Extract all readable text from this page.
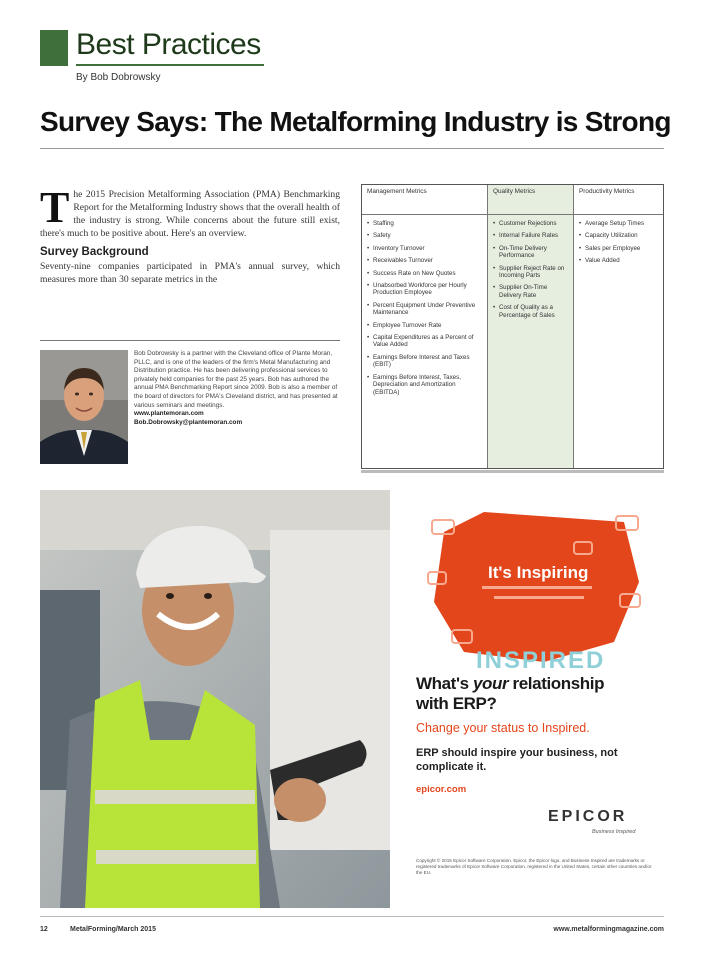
Best Practices
By Bob Dobrowsky
Survey Says: The Metalforming Industry is Strong

The 2015 Precision Metalforming Association (PMA) Benchmarking Report for the Metalforming Industry shows that the overall health of the industry is strong. While concerns about the future still exist, there's much to be positive about. Here's an overview.

Survey Background

Seventy-nine companies participated in PMA's annual survey, which measures more than 30 separate metrics in the

Bob Dobrowsky is a partner with the Cleveland office of Plante Moran, PLLC, and is one of the leaders of the firm's Metal Manufacturing and Distribution practice. He has been delivering professional services to privately held companies for the past 25 years. Bob has authored the annual PMA Benchmarking Report since 2009. Bob is also a member of the board of directors for PMA's Cleveland district, and has presented at various seminars and meetings.
www.plantemoran.com
Bob.Dobrowsky@plantemoran.com
Management Metrics
• Staffing
• Safety
• Inventory Turnover
• Receivables Turnover
• Success Rate on New Quotes
• Unabsorbed Workforce per Hourly Production Employee
• Percent Equipment Under Preventive Maintenance
• Employee Turnover Rate
• Capital Expenditures as a Percent of Value Added
• Earnings Before Interest and Taxes (EBIT)
• Earnings Before Interest, Taxes, Depreciation and Amortization (EBITDA)
Quality Metrics
• Customer Rejections
• Internal Failure Rates
• On-Time Delivery Performance
• Supplier Reject Rate on Incoming Parts
• Supplier On-Time Delivery Rate
• Cost of Quality as a Percentage of Sales
Productivity Metrics
• Average Setup Times
• Capacity Utilization
• Sales per Employee
• Value Added
It's Inspiring
INSPIRED
What's your relationship
with ERP?
Change your status to Inspired.
ERP should inspire your business, not complicate it.
epicor.com
EPICOR
Business Inspired
Copyright © 2015 Epicor Software Corporation. Epicor, the Epicor logo, and Business Inspired are trademarks or registered trademarks of Epicor Software Corporation, registered in the United States, certain other countries and/or the EU.
12	MetalForming/March 2015	www.metalformingmagazine.com
